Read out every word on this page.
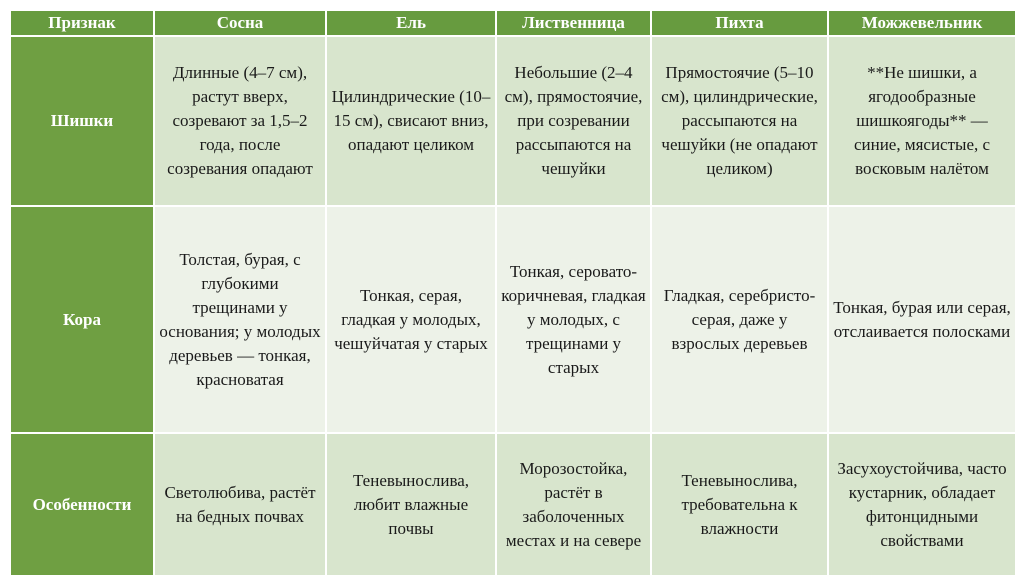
Признак	Сосна	Ель	Лиственница	Пихта	Можжевельник
Шишки	Длинные (4–7 см), растут вверх, созревают за 1,5–2 года, после созревания опадают	Цилиндрические (10–15 см), свисают вниз, опадают целиком	Небольшие (2–4 см), прямостоячие, при созревании рассыпаются на чешуйки	Прямостоячие (5–10 см), цилиндрические, рассыпаются на чешуйки (не опадают целиком)	**Не шишки, а ягодообразные шишкоягоды** — синие, мясистые, с восковым налётом
Кора	Толстая, бурая, с глубокими трещинами у основания; у молодых деревьев — тонкая, красноватая	Тонкая, серая, гладкая у молодых, чешуйчатая у старых	Тонкая, серовато-коричневая, гладкая у молодых, с трещинами у старых	Гладкая, серебристо-серая, даже у взрослых деревьев	Тонкая, бурая или серая, отслаивается полосками
Особенности	Светолюбива, растёт на бедных почвах	Теневынослива, любит влажные почвы	Морозостойка, растёт в заболоченных местах и на севере	Теневынослива, требовательна к влажности	Засухоустойчива, часто кустарник, обладает фитонцидными свойствами
